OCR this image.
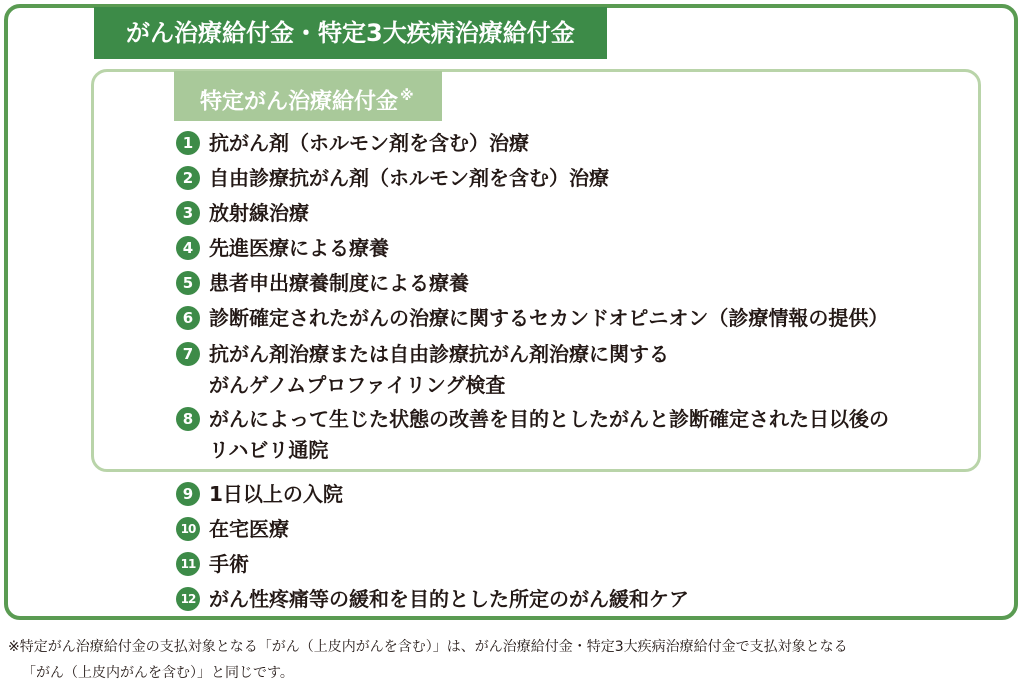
がん治療給付金・特定3大疾病治療給付金
特定がん治療給付金 ※
1 抗がん剤（ホルモン剤を含む）治療
2 自由診療抗がん剤（ホルモン剤を含む）治療
3 放射線治療
4 先進医療による療養
5 患者申出療養制度による療養
6 診断確定されたがんの治療に関するセカンドオピニオン（診療情報の提供）
7 抗がん剤治療または自由診療抗がん剤治療に関する
がんゲノムプロファイリング検査
8 がんによって生じた状態の改善を目的としたがんと診断確定された日以後の
リハビリ通院
9 1日以上の入院
10 在宅医療
11 手術
12 がん性疼痛等の緩和を目的とした所定のがん緩和ケア
※特定がん治療給付金の支払対象となる「がん（上皮内がんを含む）」は、がん治療給付金・特定3大疾病治療給付金で支払対象となる
「がん（上皮内がんを含む）」と同じです。
